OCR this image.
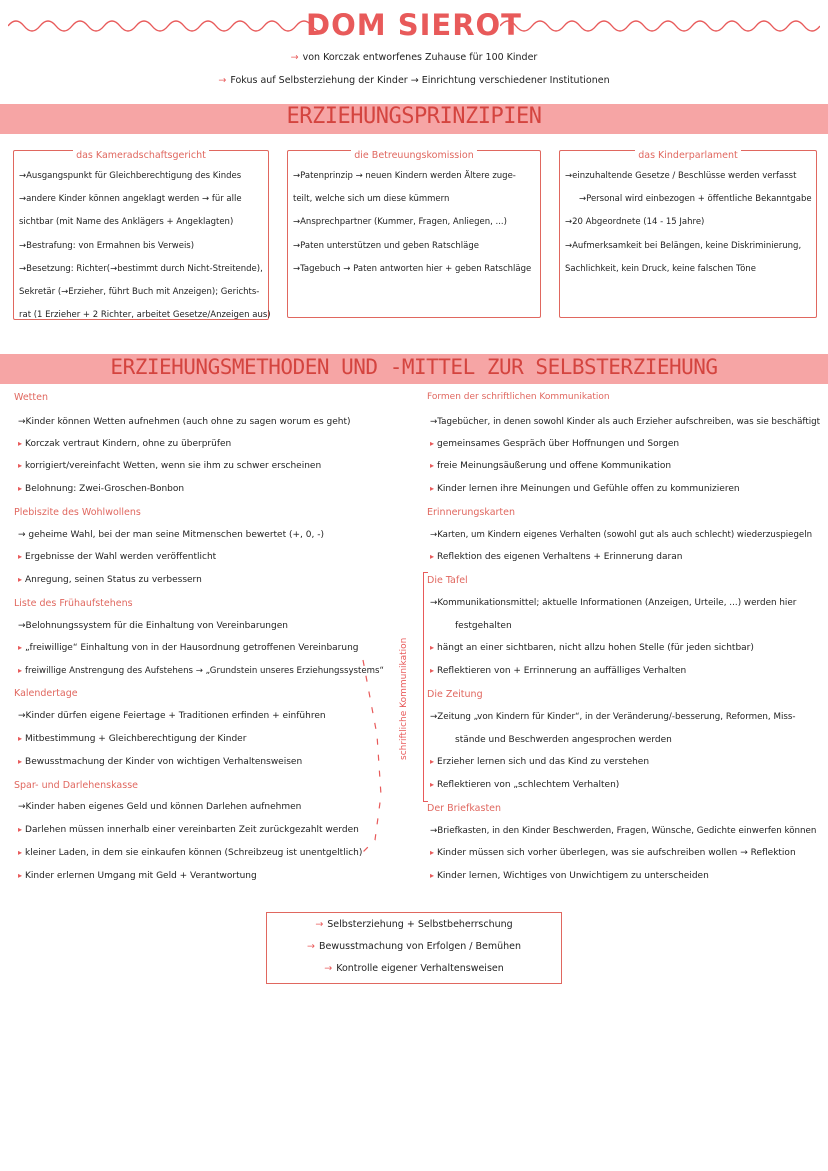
DOM SIEROT
→ von Korczak entworfenes Zuhause für 100 Kinder
→ Fokus auf Selbsterziehung der Kinder → Einrichtung verschiedener Institutionen
ERZIEHUNGSPRINZIPIEN
das Kameradschaftsgericht
→Ausgangspunkt für Gleichberechtigung des Kindes
→andere Kinder können angeklagt werden → für alle
sichtbar (mit Name des Anklägers + Angeklagten)
→Bestrafung: von Ermahnen bis Verweis)
→Besetzung: Richter(→bestimmt durch Nicht-Streitende),
Sekretär (→Erzieher, führt Buch mit Anzeigen); Gerichts-
rat (1 Erzieher + 2 Richter, arbeitet Gesetze/Anzeigen aus)
die Betreuungskomission
→Patenprinzip → neuen Kindern werden Ältere zuge-
teilt, welche sich um diese kümmern
→Ansprechpartner (Kummer, Fragen, Anliegen, ...)
→Paten unterstützen und geben Ratschläge
→Tagebuch → Paten antworten hier + geben Ratschläge
das Kinderparlament
→einzuhaltende Gesetze / Beschlüsse werden verfasst
→Personal wird einbezogen + öffentliche Bekanntgabe
→20 Abgeordnete (14 - 15 Jahre)
→Aufmerksamkeit bei Belängen, keine Diskriminierung,
Sachlichkeit, kein Druck, keine falschen Töne
ERZIEHUNGSMETHODEN UND -MITTEL ZUR SELBSTERZIEHUNG
Wetten
→Kinder können Wetten aufnehmen (auch ohne zu sagen worum es geht)
▸ Korczak vertraut Kindern, ohne zu überprüfen
▸ korrigiert/vereinfacht Wetten, wenn sie ihm zu schwer erscheinen
▸ Belohnung: Zwei-Groschen-Bonbon
Plebiszite des Wohlwollens
→ geheime Wahl, bei der man seine Mitmenschen bewertet (+, 0, -)
▸ Ergebnisse der Wahl werden veröffentlicht
▸ Anregung, seinen Status zu verbessern
Liste des Frühaufstehens
→Belohnungssystem für die Einhaltung von Vereinbarungen
▸ „freiwillige“ Einhaltung von in der Hausordnung getroffenen Vereinbarung
▸ freiwillige Anstrengung des Aufstehens → „Grundstein unseres Erziehungssystems“
Kalendertage
→Kinder dürfen eigene Feiertage + Traditionen erfinden + einführen
▸ Mitbestimmung + Gleichberechtigung der Kinder
▸ Bewusstmachung der Kinder von wichtigen Verhaltensweisen
Spar- und Darlehenskasse
→Kinder haben eigenes Geld und können Darlehen aufnehmen
▸ Darlehen müssen innerhalb einer vereinbarten Zeit zurückgezahlt werden
▸ kleiner Laden, in dem sie einkaufen können (Schreibzeug ist unentgeltlich)
▸ Kinder erlernen Umgang mit Geld + Verantwortung
schriftliche Kommunikation
Formen der schriftlichen Kommunikation
→Tagebücher, in denen sowohl Kinder als auch Erzieher aufschreiben, was sie beschäftigt
▸ gemeinsames Gespräch über Hoffnungen und Sorgen
▸ freie Meinungsäußerung und offene Kommunikation
▸ Kinder lernen ihre Meinungen und Gefühle offen zu kommunizieren
Erinnerungskarten
→Karten, um Kindern eigenes Verhalten (sowohl gut als auch schlecht) wiederzuspiegeln
▸ Reflektion des eigenen Verhaltens + Erinnerung daran
Die Tafel
→Kommunikationsmittel; aktuelle Informationen (Anzeigen, Urteile, ...) werden hier
festgehalten
▸ hängt an einer sichtbaren, nicht allzu hohen Stelle (für jeden sichtbar)
▸ Reflektieren von + Errinnerung an auffälliges Verhalten
Die Zeitung
→Zeitung „von Kindern für Kinder“, in der Veränderung/-besserung, Reformen, Miss-
stände und Beschwerden angesprochen werden
▸ Erzieher lernen sich und das Kind zu verstehen
▸ Reflektieren von „schlechtem Verhalten)
Der Briefkasten
→Briefkasten, in den Kinder Beschwerden, Fragen, Wünsche, Gedichte einwerfen können
▸ Kinder müssen sich vorher überlegen, was sie aufschreiben wollen → Reflektion
▸ Kinder lernen, Wichtiges von Unwichtigem zu unterscheiden
→ Selbsterziehung + Selbstbeherrschung
→ Bewusstmachung von Erfolgen / Bemühen
→ Kontrolle eigener Verhaltensweisen
